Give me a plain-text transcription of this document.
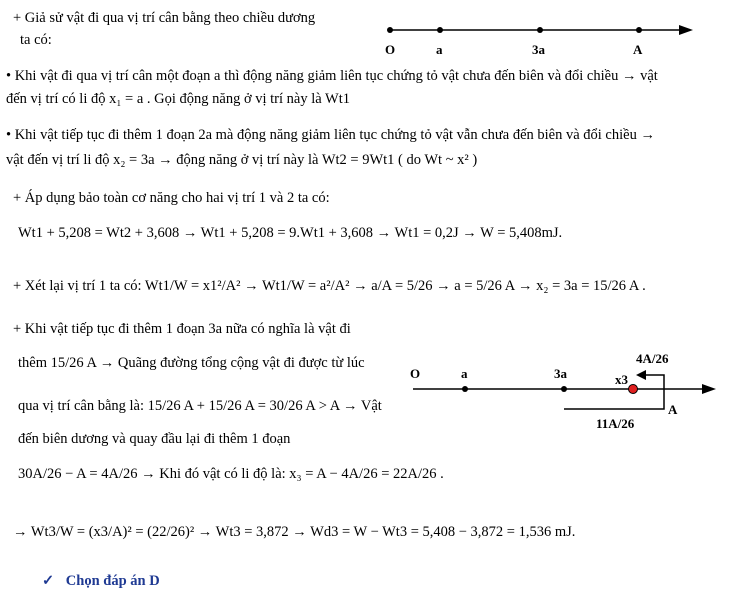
+ Giả sử vật đi qua vị trí cân bằng theo chiều dương
ta có:
O	a	3a	A
• Khi vật đi qua vị trí cân một đoạn a thì động năng giảm liên tục chứng tỏ vật chưa đến biên và đổi chiều → vật
đến vị trí có li độ x₁ = a . Gọi động năng ở vị trí này là Wt1
• Khi vật tiếp tục đi thêm 1 đoạn 2a mà động năng giảm liên tục chứng tỏ vật vẫn chưa đến biên và đổi chiều →
vật đến vị trí li độ x₂ = 3a → động năng ở vị trí này là Wt2 = 9Wt1 ( do Wt ~ x² )
+ Áp dụng bảo toàn cơ năng cho hai vị trí 1 và 2 ta có:
Wt1 + 5,208 = Wt2 + 3,608 → Wt1 + 5,208 = 9.Wt1 + 3,608 → Wt1 = 0,2J → W = 5,408mJ.
+ Xét lại vị trí 1 ta có: Wt1/W = x1²/A² → Wt1/W = a²/A² → a/A = 5/26 → a = 5/26 A → x₂ = 3a = 15/26 A .
+ Khi vật tiếp tục đi thêm 1 đoạn 3a nữa có nghĩa là vật đi
thêm 15/26 A → Quãng đường tổng cộng vật đi được từ lúc
qua vị trí cân bằng là: 15/26 A + 15/26 A = 30/26 A > A → Vật
đến biên dương và quay đầu lại đi thêm 1 đoạn
30A/26 − A = 4A/26 → Khi đó vật có li độ là: x₃ = A − 4A/26 = 22A/26 .
O	a	3a	x3
A
4A/26
11A/26
→ Wt3/W = (x3/A)² = (22/26)² → Wt3 = 3,872 → Wd3 = W − Wt3 = 5,408 − 3,872 = 1,536 mJ.
✓ Chọn đáp án D
